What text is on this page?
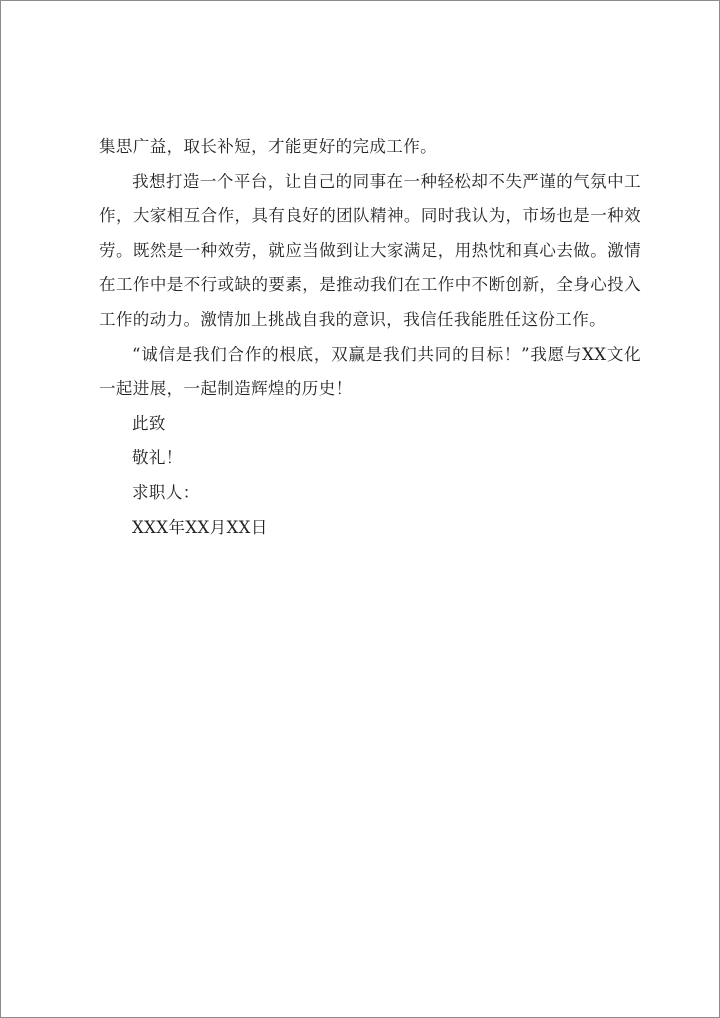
集思广益，取长补短，才能更好的完成工作。

我想打造一个平台，让自己的同事在一种轻松却不失严谨的气氛中工作，大家相互合作，具有良好的团队精神。同时我认为，市场也是一种效劳。既然是一种效劳，就应当做到让大家满足，用热忱和真心去做。激情在工作中是不行或缺的要素，是推动我们在工作中不断创新，全身心投入工作的动力。激情加上挑战自我的意识，我信任我能胜任这份工作。

“诚信是我们合作的根底，双赢是我们共同的目标！”我愿与XX文化一起进展，一起制造辉煌的历史！

此致

敬礼！

求职人：

XXX年XX月XX日
